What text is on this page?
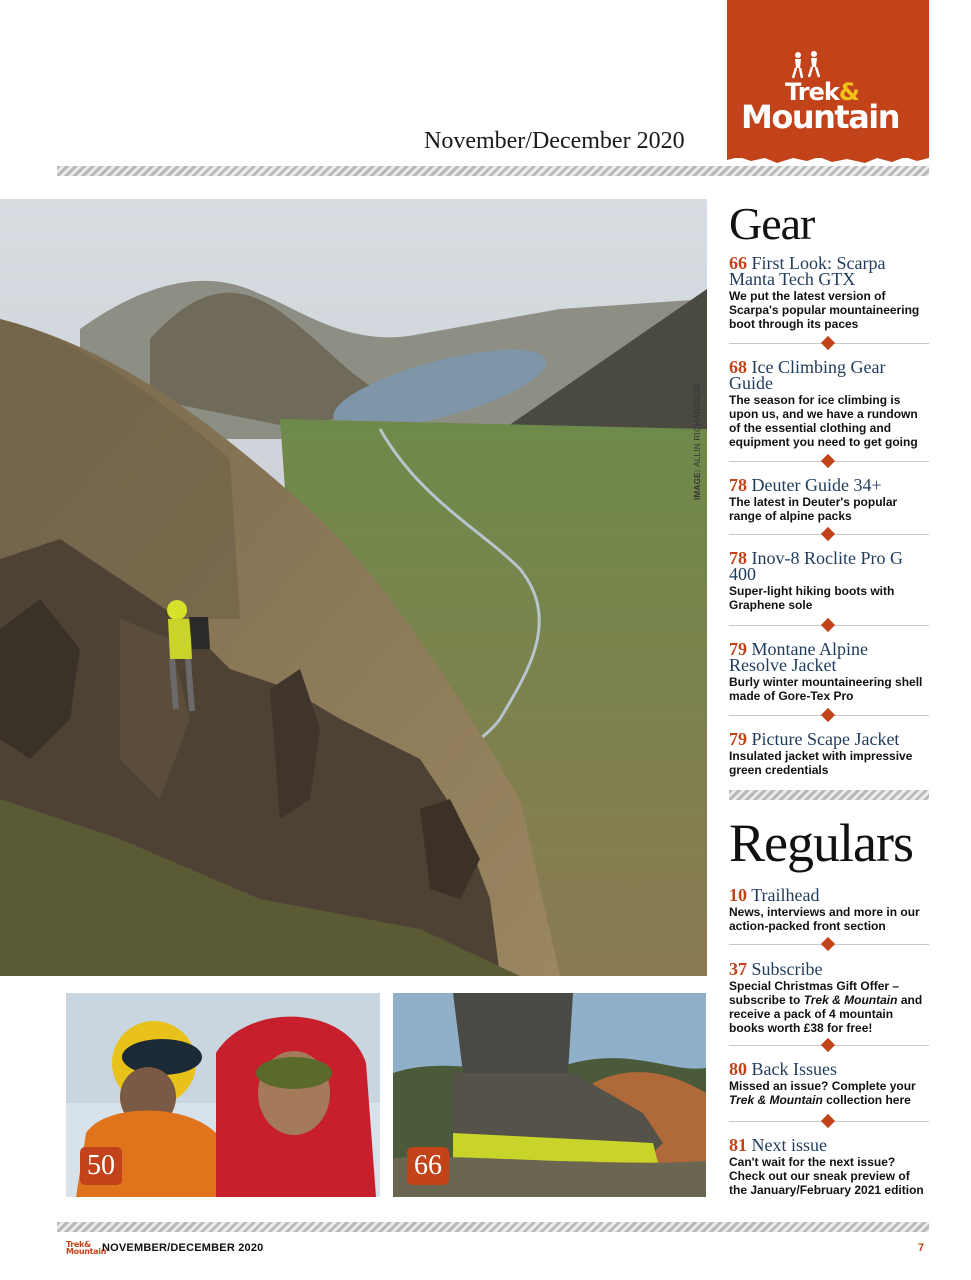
Trek&
Mountain
November/December 2020
IMAGE: ALLIN RICHARDSON
50	66
Gear
66 First Look: Scarpa Manta Tech GTX
We put the latest version of Scarpa's popular mountaineering boot through its paces
68 Ice Climbing Gear Guide
The season for ice climbing is upon us, and we have a rundown of the essential clothing and equipment you need to get going
78 Deuter Guide 34+
The latest in Deuter's popular range of alpine packs
78 Inov-8 Roclite Pro G 400
Super-light hiking boots with Graphene sole
79 Montane Alpine Resolve Jacket
Burly winter mountaineering shell made of Gore-Tex Pro
79 Picture Scape Jacket
Insulated jacket with impressive green credentials
Regulars
10 Trailhead
News, interviews and more in our action-packed front section
37 Subscribe
Special Christmas Gift Offer – subscribe to Trek & Mountain and receive a pack of 4 mountain books worth £38 for free!
80 Back Issues
Missed an issue? Complete your Trek & Mountain collection here
81 Next issue
Can't wait for the next issue? Check out our sneak preview of the January/February 2021 edition
Trek&
Mountain
NOVEMBER/DECEMBER 2020	7
